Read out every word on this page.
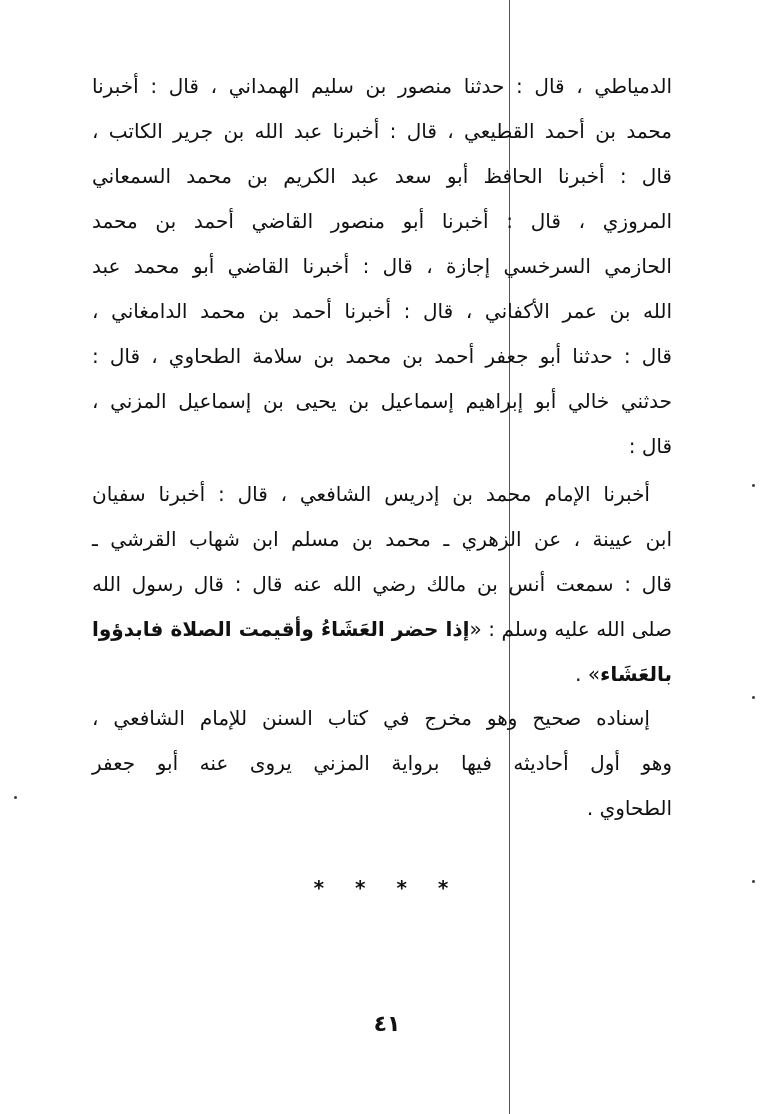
الدمياطي ، قال : حدثنا منصور بن سليم الهمداني ، قال : أخبرنا
محمد بن أحمد القطيعي ، قال : أخبرنا عبد الله بن جرير الكاتب ،
قال : أخبرنا الحافظ أبو سعد عبد الكريم بن محمد السمعاني
المروزي ، قال : أخبرنا أبو منصور القاضي أحمد بن محمد
الحازمي السرخسي إجازة ، قال : أخبرنا القاضي أبو محمد عبد
الله بن عمر الأكفاني ، قال : أخبرنا أحمد بن محمد الدامغاني ،
قال : حدثنا أبو جعفر أحمد بن محمد بن سلامة الطحاوي ، قال :
حدثني خالي أبو إبراهيم إسماعيل بن يحيى بن إسماعيل المزني ،
قال :
أخبرنا الإمام محمد بن إدريس الشافعي ، قال : أخبرنا سفيان
ابن عيينة ، عن الزهري ـ محمد بن مسلم ابن شهاب القرشي ـ
قال : سمعت أنس بن مالك رضي الله عنه قال : قال رسول الله
صلى الله عليه وسلم : «إذا حضر العَشَاءُ وأقيمت الصلاة فابدؤوا
بالعَشَاء» .
إسناده صحيح وهو مخرج في كتاب السنن للإمام الشافعي ،
وهو أول أحاديثه فيها برواية المزني يروى عنه أبو جعفر
الطحاوي .
* * * *
٤١
